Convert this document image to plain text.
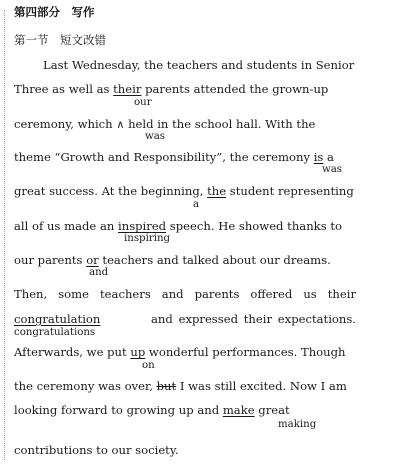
第四部分　写作
第一节　短文改错
Last Wednesday, the teachers and students in Senior
Three as well as their parents attended the grown-up
our
ceremony, which ∧ held in the school hall. With the
was
theme “Growth and Responsibility”, the ceremony is a
was
great success. At the beginning, the student representing
a
all of us made an inspired speech. He showed thanks to
inspiring
our parents or teachers and talked about our dreams.
and
Then, some teachers and parents offered us their
congratulation	and expressed their expectations.
congratulations
Afterwards, we put up wonderful performances. Though
on
the ceremony was over, but I was still excited. Now I am
looking forward to growing up and make great
making
contributions to our society.
